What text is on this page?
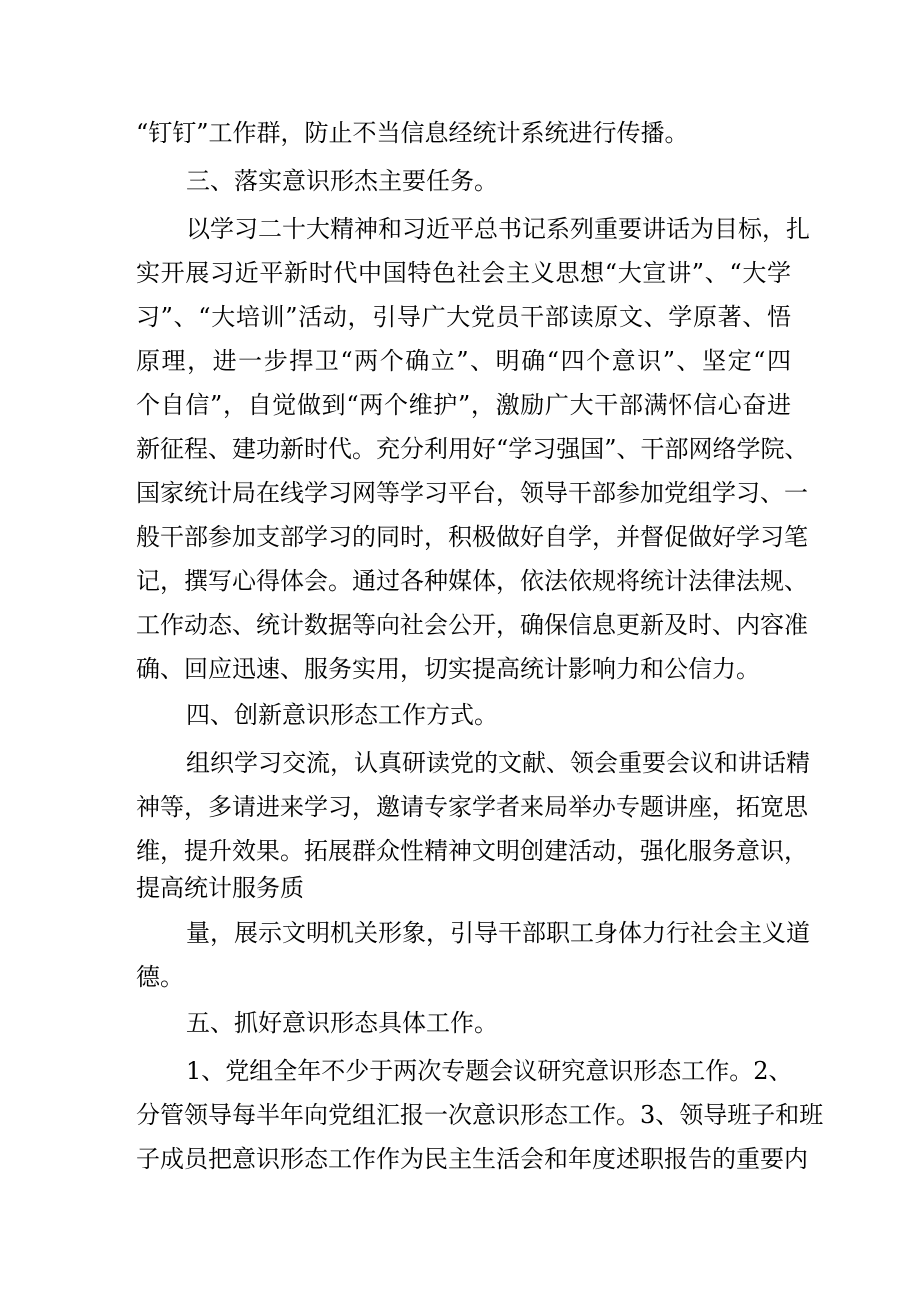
“钉钉”工作群，防止不当信息经统计系统进行传播。
三、落实意识形杰主要任务。
以学习二十大精神和习近平总书记系列重要讲话为目标，扎
实开展习近平新时代中国特色社会主义思想“大宣讲”、“大学
习”、“大培训”活动，引导广大党员干部读原文、学原著、悟
原理，进一步捍卫“两个确立”、明确“四个意识”、坚定“四
个自信”，自觉做到“两个维护”，激励广大干部满怀信心奋进
新征程、建功新时代。充分利用好“学习强国”、干部网络学院、
国家统计局在线学习网等学习平台，领导干部参加党组学习、一
般干部参加支部学习的同时，积极做好自学，并督促做好学习笔
记，撰写心得体会。通过各种媒体，依法依规将统计法律法规、
工作动态、统计数据等向社会公开，确保信息更新及时、内容准
确、回应迅速、服务实用，切实提高统计影响力和公信力。
四、创新意识形态工作方式。
组织学习交流，认真研读党的文献、领会重要会议和讲话精
神等，多请进来学习，邀请专家学者来局举办专题讲座，拓宽思
维，提升效果。拓展群众性精神文明创建活动，强化服务意识，
提高统计服务质
量，展示文明机关形象，引导干部职工身体力行社会主义道
德。
五、抓好意识形态具体工作。
1、党组全年不少于两次专题会议研究意识形态工作。2、
分管领导每半年向党组汇报一次意识形态工作。3、领导班子和班
子成员把意识形态工作作为民主生活会和年度述职报告的重要内
